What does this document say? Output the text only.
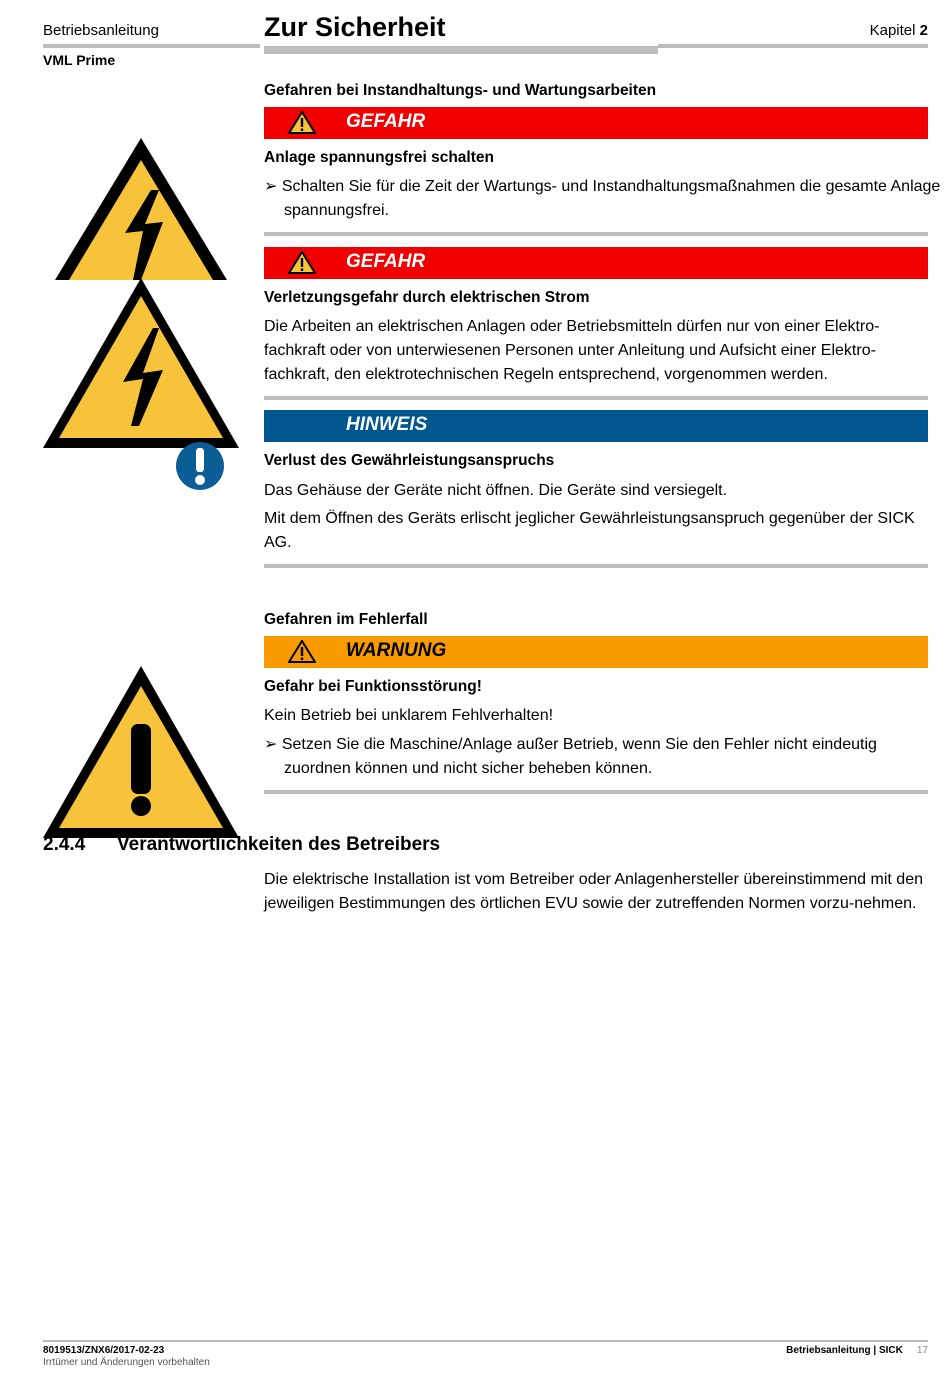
Betriebsanleitung
VML Prime
Zur Sicherheit	Kapitel 2
Gefahren bei Instandhaltungs- und Wartungsarbeiten
GEFAHR
Anlage spannungsfrei schalten
➢ Schalten Sie für die Zeit der Wartungs- und Instandhaltungsmaßnahmen die gesamte Anlage spannungsfrei.
GEFAHR
Verletzungsgefahr durch elektrischen Strom
Die Arbeiten an elektrischen Anlagen oder Betriebsmitteln dürfen nur von einer Elektro-fachkraft oder von unterwiesenen Personen unter Anleitung und Aufsicht einer Elektro-fachkraft, den elektrotechnischen Regeln entsprechend, vorgenommen werden.
HINWEIS
Verlust des Gewährleistungsanspruchs
Das Gehäuse der Geräte nicht öffnen. Die Geräte sind versiegelt.
Mit dem Öffnen des Geräts erlischt jeglicher Gewährleistungsanspruch gegenüber der SICK AG.
Gefahren im Fehlerfall
WARNUNG
Gefahr bei Funktionsstörung!
Kein Betrieb bei unklarem Fehlverhalten!
➢ Setzen Sie die Maschine/Anlage außer Betrieb, wenn Sie den Fehler nicht eindeutig zuordnen können und nicht sicher beheben können.
2.4.4 Verantwortlichkeiten des Betreibers
Die elektrische Installation ist vom Betreiber oder Anlagenhersteller übereinstimmend mit den jeweiligen Bestimmungen des örtlichen EVU sowie der zutreffenden Normen vorzu-nehmen.
8019513/ZNX6/2017-02-23
Irrtümer und Änderungen vorbehalten
Betriebsanleitung | SICK 17
